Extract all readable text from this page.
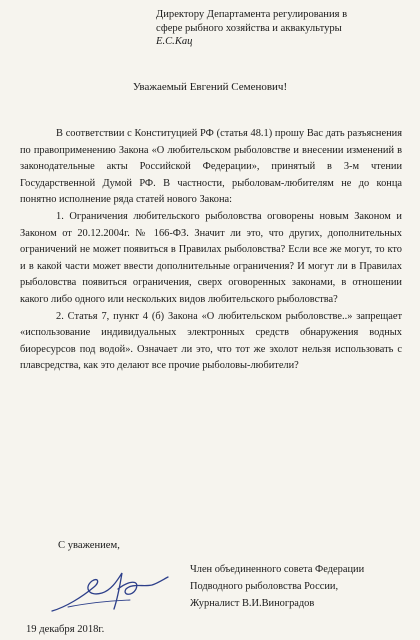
Директору Департамента регулирования в
сфере рыбного хозяйства и аквакультуры
Е.С.Кац
Уважаемый Евгений Семенович!

В соответствии с Конституцией РФ (статья 48.1) прошу Вас дать разъяснения по правоприменению Закона «О любительском рыболовстве и внесении изменений в законодательные акты Российской Федерации», принятый в 3-м чтении Государственной Думой РФ. В частности, рыболовам-любителям не до конца понятно исполнение ряда статей нового Закона:

1. Ограничения любительского рыболовства оговорены новым Законом и Законом от 20.12.2004г. № 166-ФЗ. Значит ли это, что других, дополнительных ограничений не может появиться в Правилах рыболовства? Если все же могут, то кто и в какой части может ввести дополнительные ограничения? И могут ли в Правилах рыболовства появиться ограничения, сверх оговоренных законами, в отношении какого либо одного или нескольких видов любительского рыболовства?

2. Статья 7, пункт 4 (б) Закона «О любительском рыболовстве..» запрещает «использование индивидуальных электронных средств обнаружения водных биоресурсов под водой». Означает ли это, что тот же эхолот нельзя использовать с плавсредства, как это делают все прочие рыболовы-любители?

С уважением,
Член объединенного совета Федерации
Подводного рыболовства России,
Журналист В.И.Виноградов
19 декабря 2018г.
